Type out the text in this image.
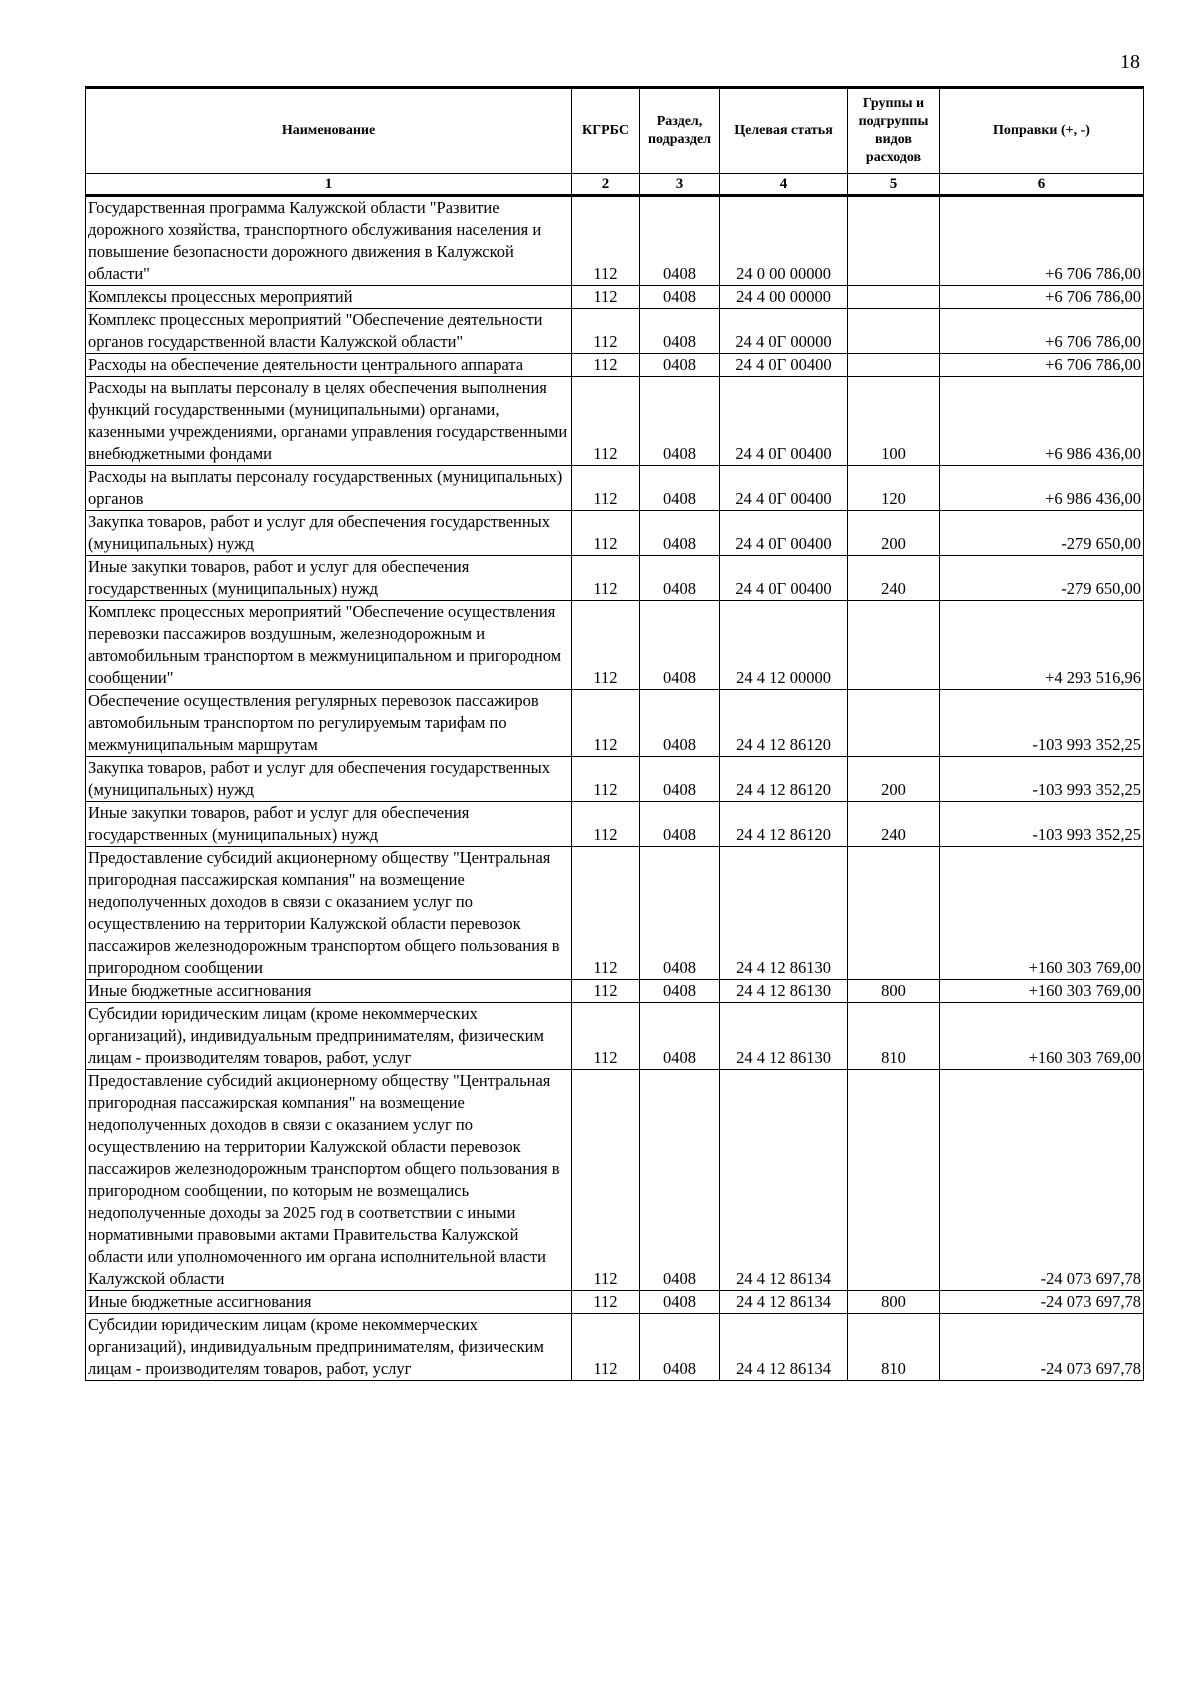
18
Наименование	КГРБС	Раздел, подраздел	Целевая статья	Группы и подгруппы видов расходов	Поправки (+, -)
1	2	3	4	5	6
Государственная программа Калужской области "Развитие дорожного хозяйства, транспортного обслуживания населения и повышение безопасности дорожного движения в Калужской области"	112	0408	24 0 00 00000		+6 706 786,00
Комплексы процессных мероприятий	112	0408	24 4 00 00000		+6 706 786,00
Комплекс процессных мероприятий "Обеспечение деятельности органов государственной власти Калужской области"	112	0408	24 4 0Г 00000		+6 706 786,00
Расходы на обеспечение деятельности центрального аппарата	112	0408	24 4 0Г 00400		+6 706 786,00
Расходы на выплаты персоналу в целях обеспечения выполнения функций государственными (муниципальными) органами, казенными учреждениями, органами управления государственными внебюджетными фондами	112	0408	24 4 0Г 00400	100	+6 986 436,00
Расходы на выплаты персоналу государственных (муниципальных) органов	112	0408	24 4 0Г 00400	120	+6 986 436,00
Закупка товаров, работ и услуг для обеспечения государственных (муниципальных) нужд	112	0408	24 4 0Г 00400	200	-279 650,00
Иные закупки товаров, работ и услуг для обеспечения государственных (муниципальных) нужд	112	0408	24 4 0Г 00400	240	-279 650,00
Комплекс процессных мероприятий "Обеспечение осуществления перевозки пассажиров воздушным, железнодорожным и автомобильным транспортом в межмуниципальном и пригородном сообщении"	112	0408	24 4 12 00000		+4 293 516,96
Обеспечение осуществления регулярных перевозок пассажиров автомобильным транспортом по регулируемым тарифам по межмуниципальным маршрутам	112	0408	24 4 12 86120		-103 993 352,25
Закупка товаров, работ и услуг для обеспечения государственных (муниципальных) нужд	112	0408	24 4 12 86120	200	-103 993 352,25
Иные закупки товаров, работ и услуг для обеспечения государственных (муниципальных) нужд	112	0408	24 4 12 86120	240	-103 993 352,25
Предоставление субсидий акционерному обществу "Центральная пригородная пассажирская компания" на возмещение недополученных доходов в связи с оказанием услуг по осуществлению на территории Калужской области перевозок пассажиров железнодорожным транспортом общего пользования в пригородном сообщении	112	0408	24 4 12 86130		+160 303 769,00
Иные бюджетные ассигнования	112	0408	24 4 12 86130	800	+160 303 769,00
Субсидии юридическим лицам (кроме некоммерческих организаций), индивидуальным предпринимателям, физическим лицам - производителям товаров, работ, услуг	112	0408	24 4 12 86130	810	+160 303 769,00
Предоставление субсидий акционерному обществу "Центральная пригородная пассажирская компания" на возмещение недополученных доходов в связи с оказанием услуг по осуществлению на территории Калужской области перевозок пассажиров железнодорожным транспортом общего пользования в пригородном сообщении, по которым не возмещались недополученные доходы за 2025 год в соответствии с иными нормативными правовыми актами Правительства Калужской области или уполномоченного им органа исполнительной власти Калужской области	112	0408	24 4 12 86134		-24 073 697,78
Иные бюджетные ассигнования	112	0408	24 4 12 86134	800	-24 073 697,78
Субсидии юридическим лицам (кроме некоммерческих организаций), индивидуальным предпринимателям, физическим лицам - производителям товаров, работ, услуг	112	0408	24 4 12 86134	810	-24 073 697,78
